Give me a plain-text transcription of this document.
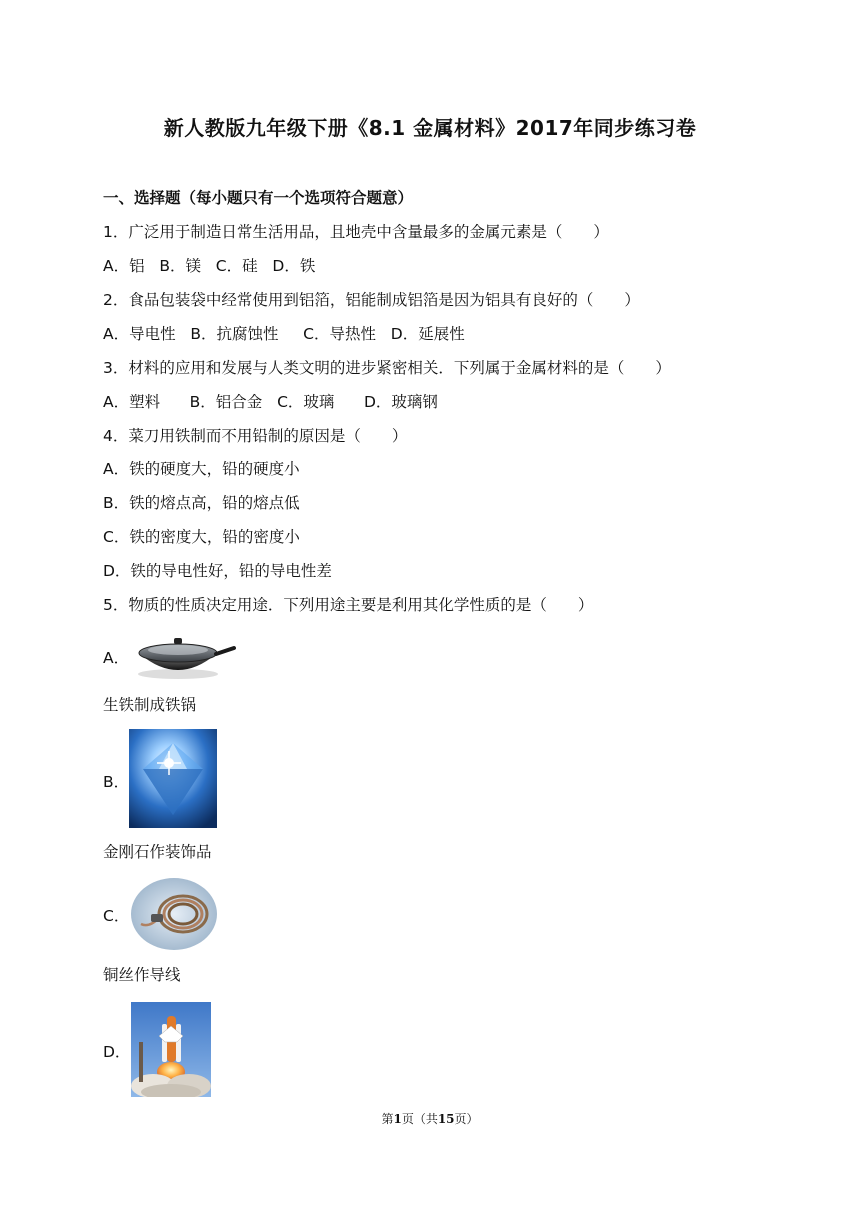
新人教版九年级下册《8.1 金属材料》2017年同步练习卷
一、选择题（每小题只有一个选项符合题意）
1．广泛用于制造日常生活用品，且地壳中含量最多的金属元素是（　　）
A．铝   B．镁   C．硅   D．铁
2．食品包装袋中经常使用到铝箔，铝能制成铝箔是因为铝具有良好的（　　）
A．导电性   B．抗腐蚀性     C．导热性   D．延展性
3．材料的应用和发展与人类文明的进步紧密相关．下列属于金属材料的是（　　）
A．塑料      B．铝合金   C．玻璃      D．玻璃钢
4．菜刀用铁制而不用铅制的原因是（　　）
A．铁的硬度大，铅的硬度小
B．铁的熔点高，铅的熔点低
C．铁的密度大，铅的密度小
D．铁的导电性好，铅的导电性差
5．物质的性质决定用途．下列用途主要是利用其化学性质的是（　　）
A．
生铁制成铁锅
B．
金刚石作装饰品
C．
铜丝作导线
D．
第1页（共15页）
